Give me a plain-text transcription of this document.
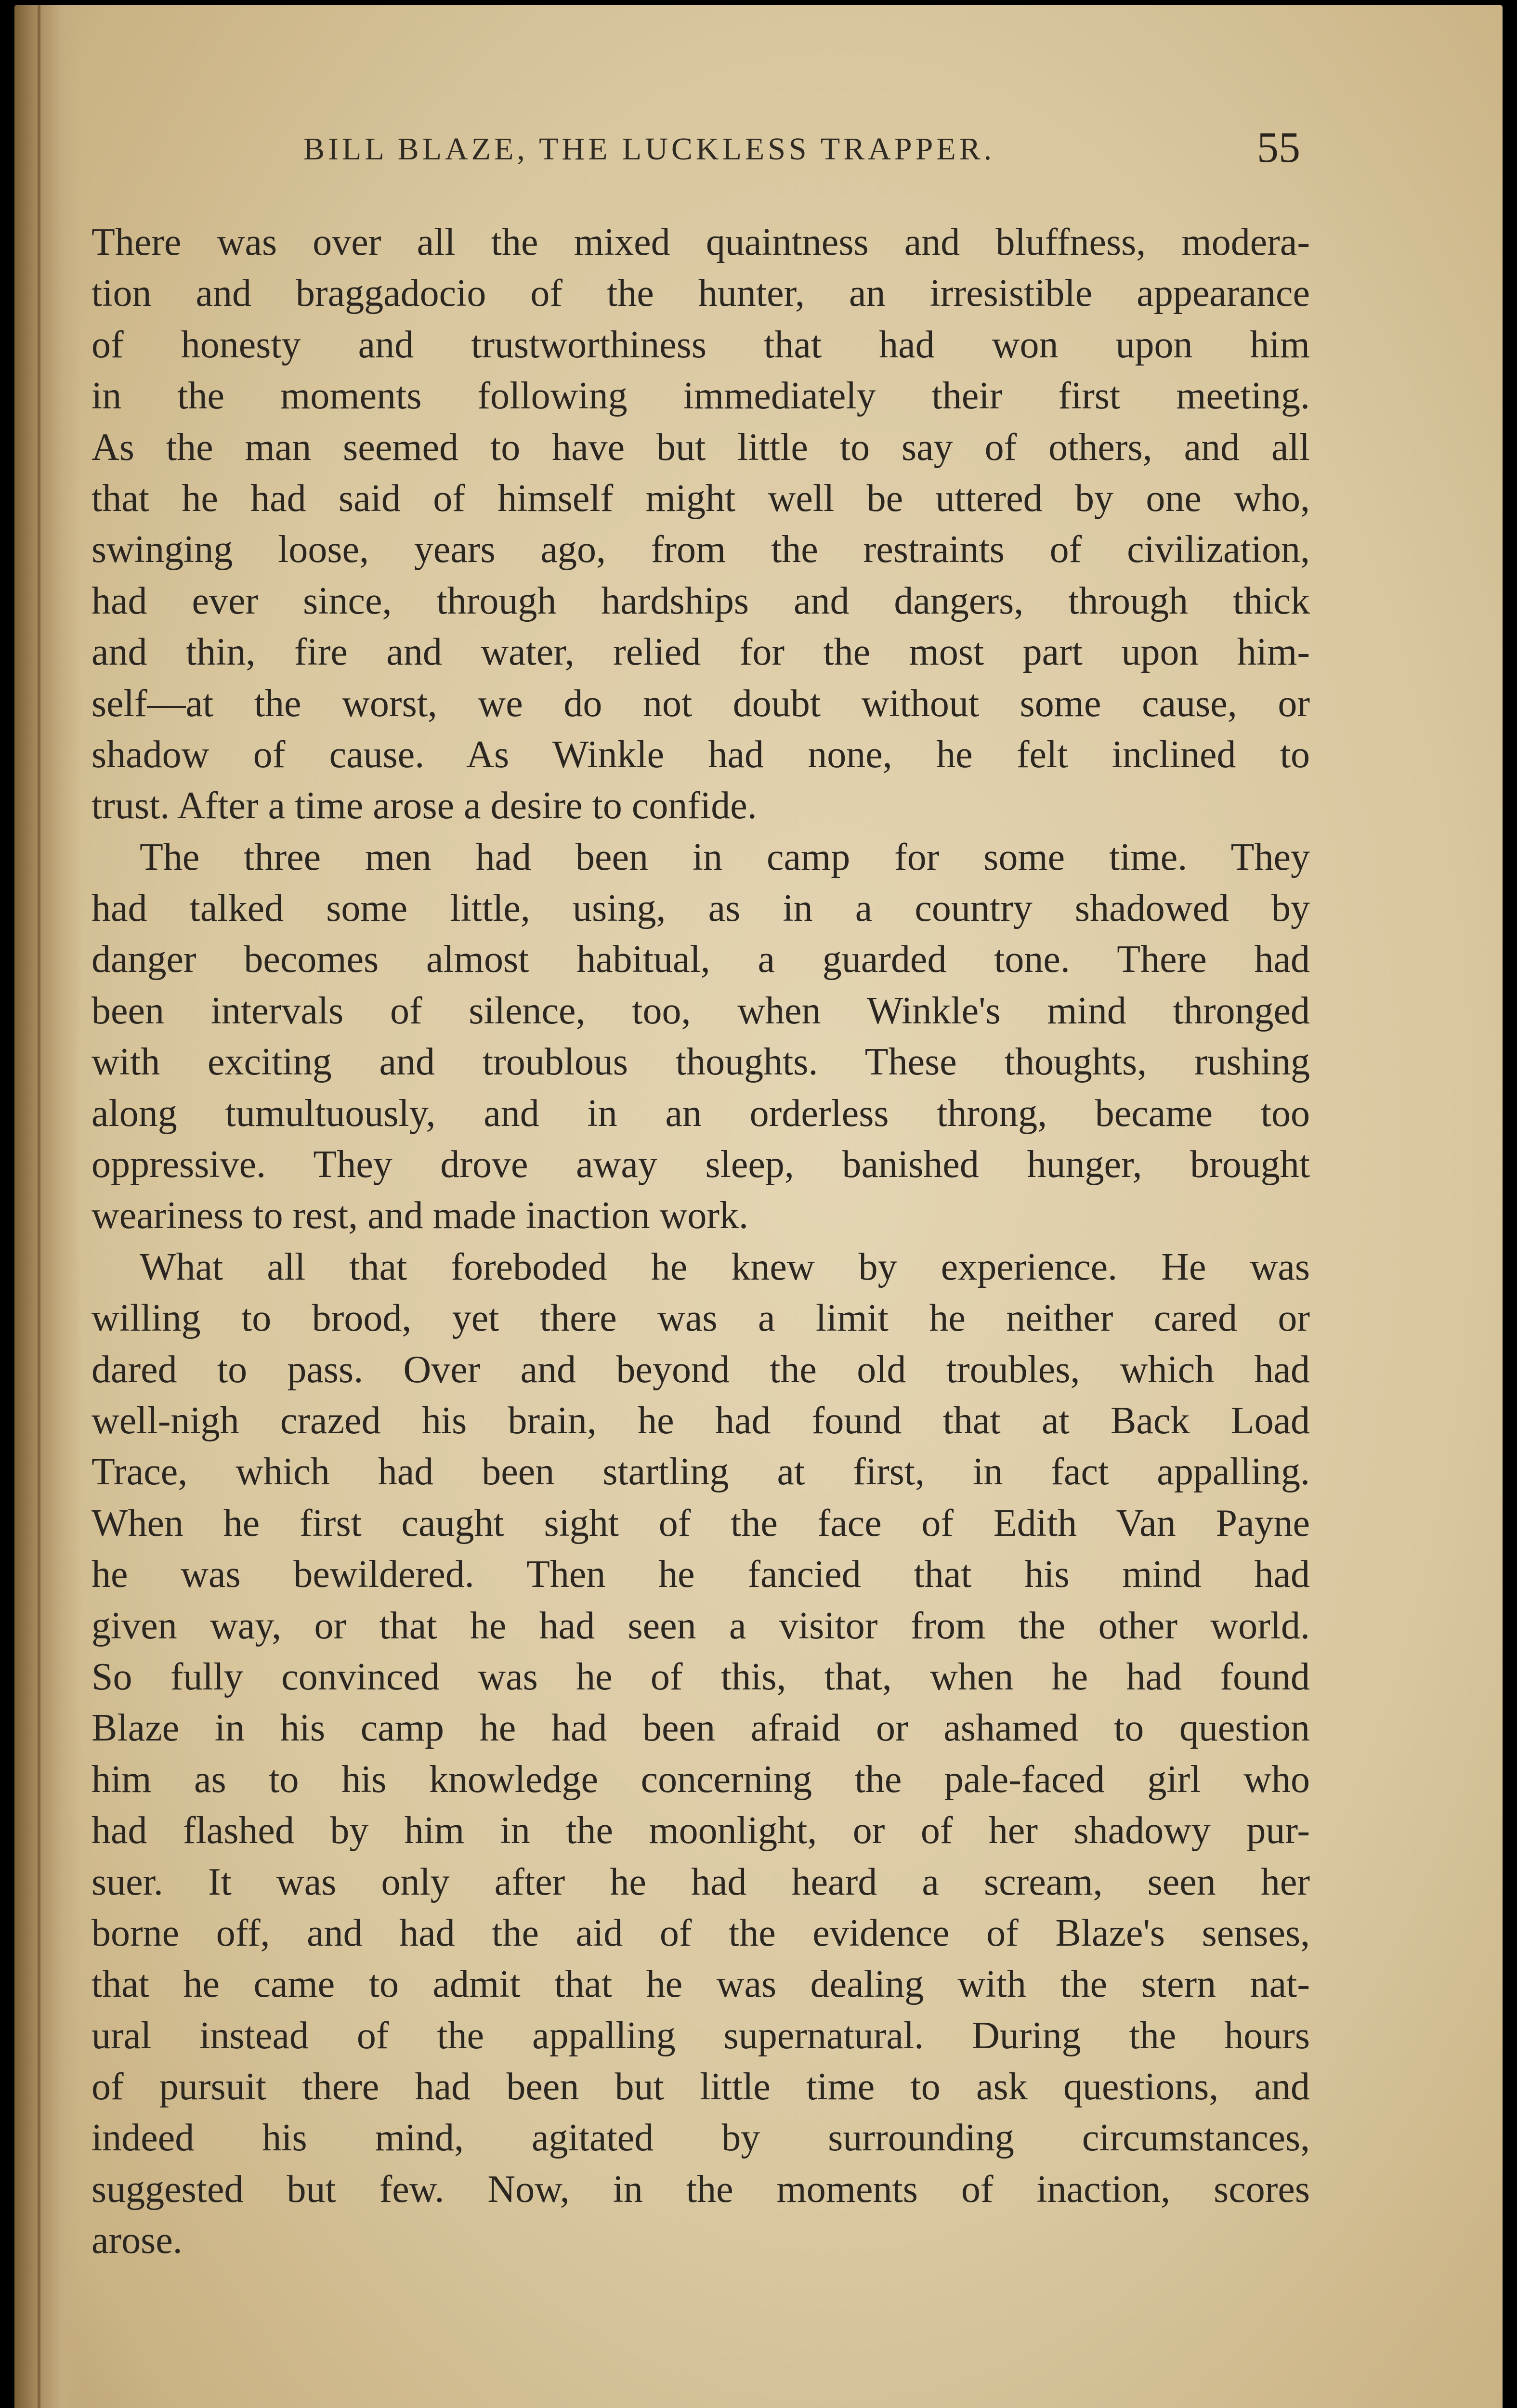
BILL BLAZE, THE LUCKLESS TRAPPER.	55
There was over all the mixed quaintness and bluffness, modera-
tion and braggadocio of the hunter, an irresistible appearance
of honesty and trustworthiness that had won upon him
in the moments following immediately their first meeting.
As the man seemed to have but little to say of others, and all
that he had said of himself might well be uttered by one who,
swinging loose, years ago, from the restraints of civilization,
had ever since, through hardships and dangers, through thick
and thin, fire and water, relied for the most part upon him-
self—at the worst, we do not doubt without some cause, or
shadow of cause. As Winkle had none, he felt inclined to
trust. After a time arose a desire to confide.
The three men had been in camp for some time. They
had talked some little, using, as in a country shadowed by
danger becomes almost habitual, a guarded tone. There had
been intervals of silence, too, when Winkle's mind thronged
with exciting and troublous thoughts. These thoughts, rushing
along tumultuously, and in an orderless throng, became too
oppressive. They drove away sleep, banished hunger, brought
weariness to rest, and made inaction work.
What all that foreboded he knew by experience. He was
willing to brood, yet there was a limit he neither cared or
dared to pass. Over and beyond the old troubles, which had
well-nigh crazed his brain, he had found that at Back Load
Trace, which had been startling at first, in fact appalling.
When he first caught sight of the face of Edith Van Payne
he was bewildered. Then he fancied that his mind had
given way, or that he had seen a visitor from the other world.
So fully convinced was he of this, that, when he had found
Blaze in his camp he had been afraid or ashamed to question
him as to his knowledge concerning the pale-faced girl who
had flashed by him in the moonlight, or of her shadowy pur-
suer. It was only after he had heard a scream, seen her
borne off, and had the aid of the evidence of Blaze's senses,
that he came to admit that he was dealing with the stern nat-
ural instead of the appalling supernatural. During the hours
of pursuit there had been but little time to ask questions, and
indeed his mind, agitated by surrounding circumstances,
suggested but few. Now, in the moments of inaction, scores
arose.
